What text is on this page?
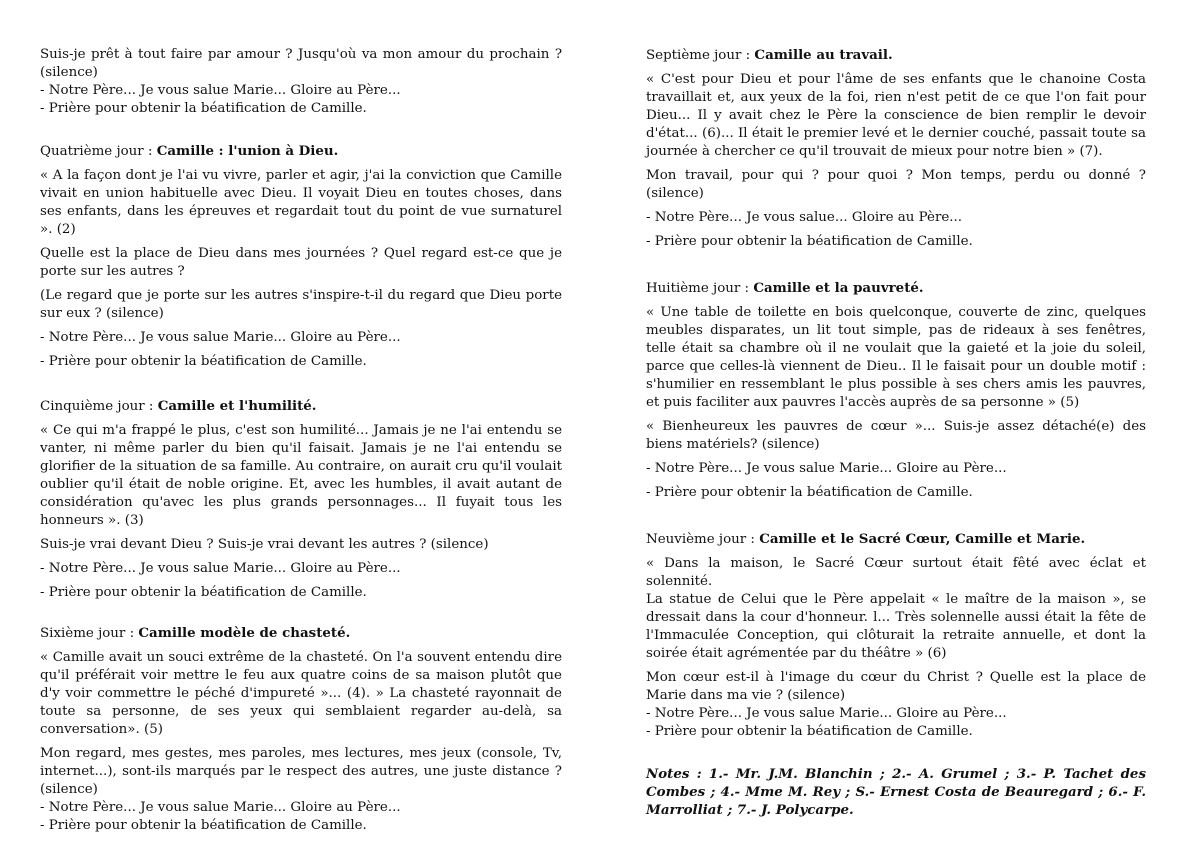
Suis-je prêt à tout faire par amour ? Jusqu'où va mon amour du prochain ? (silence)

- Notre Père... Je vous salue Marie... Gloire au Père...

- Prière pour obtenir la béatification de Camille.

Quatrième jour : Camille : l'union à Dieu.

« A la façon dont je l'ai vu vivre, parler et agir, j'ai la conviction que Camille vivait en union habituelle avec Dieu. Il voyait Dieu en toutes choses, dans ses enfants, dans les épreuves et regardait tout du point de vue surnaturel ». (2)

Quelle est la place de Dieu dans mes journées ? Quel regard est-ce que je porte sur les autres ?

(Le regard que je porte sur les autres s'inspire-t-il du regard que Dieu porte sur eux ? (silence)

- Notre Père... Je vous salue Marie... Gloire au Père...

- Prière pour obtenir la béatification de Camille.

Cinquième jour : Camille et l'humilité.

« Ce qui m'a frappé le plus, c'est son humilité... Jamais je ne l'ai entendu se vanter, ni même parler du bien qu'il faisait. Jamais je ne l'ai entendu se glorifier de la situation de sa famille. Au contraire, on aurait cru qu'il voulait oublier qu'il était de noble origine. Et, avec les humbles, il avait autant de considération qu'avec les plus grands personnages... Il fuyait tous les honneurs ». (3)

Suis-je vrai devant Dieu ? Suis-je vrai devant les autres ? (silence)

- Notre Père... Je vous salue Marie... Gloire au Père...

- Prière pour obtenir la béatification de Camille.

Sixième jour : Camille modèle de chasteté.

« Camille avait un souci extrême de la chasteté. On l'a souvent entendu dire qu'il préférait voir mettre le feu aux quatre coins de sa maison plutôt que d'y voir commettre le péché d'impureté »... (4). » La chasteté rayonnait de toute sa personne, de ses yeux qui semblaient regarder au-delà, sa conversation». (5)

Mon regard, mes gestes, mes paroles, mes lectures, mes jeux (console, Tv, internet...), sont-ils marqués par le respect des autres, une juste distance ? (silence)

- Notre Père... Je vous salue Marie... Gloire au Père...

- Prière pour obtenir la béatification de Camille.

Septième jour : Camille au travail.

« C'est pour Dieu et pour l'âme de ses enfants que le chanoine Costa travaillait et, aux yeux de la foi, rien n'est petit de ce que l'on fait pour Dieu... Il y avait chez le Père la conscience de bien remplir le devoir d'état... (6)... Il était le premier levé et le dernier couché, passait toute sa journée à chercher ce qu'il trouvait de mieux pour notre bien » (7).

Mon travail, pour qui ? pour quoi ? Mon temps, perdu ou donné ? (silence)

- Notre Père... Je vous salue... Gloire au Père...

- Prière pour obtenir la béatification de Camille.

Huitième jour : Camille et la pauvreté.

« Une table de toilette en bois quelconque, couverte de zinc, quelques meubles disparates, un lit tout simple, pas de rideaux à ses fenêtres, telle était sa chambre où il ne voulait que la gaieté et la joie du soleil, parce que celles-là viennent de Dieu.. Il le faisait pour un double motif : s'humilier en ressemblant le plus possible à ses chers amis les pauvres, et puis faciliter aux pauvres l'accès auprès de sa personne » (5)

« Bienheureux les pauvres de cœur »... Suis-je assez détaché(e) des biens matériels? (silence)

- Notre Père... Je vous salue Marie... Gloire au Père...

- Prière pour obtenir la béatification de Camille.

Neuvième jour : Camille et le Sacré Cœur, Camille et Marie.

« Dans la maison, le Sacré Cœur surtout était fêté avec éclat et solennité.

La statue de Celui que le Père appelait « le maître de la maison », se dressait dans la cour d'honneur. l... Très solennelle aussi était la fête de l'Immaculée Conception, qui clôturait la retraite annuelle, et dont la soirée était agrémentée par du théâtre » (6)

Mon cœur est-il à l'image du cœur du Christ ? Quelle est la place de Marie dans ma vie ? (silence)

- Notre Père... Je vous salue Marie... Gloire au Père...

- Prière pour obtenir la béatification de Camille.

Notes : 1.- Mr. J.M. Blanchin ; 2.- A. Grumel ; 3.- P. Tachet des Combes ; 4.- Mme M. Rey ; S.- Ernest Costa de Beauregard ; 6.- F. Marrolliat ; 7.- J. Polycarpe.
